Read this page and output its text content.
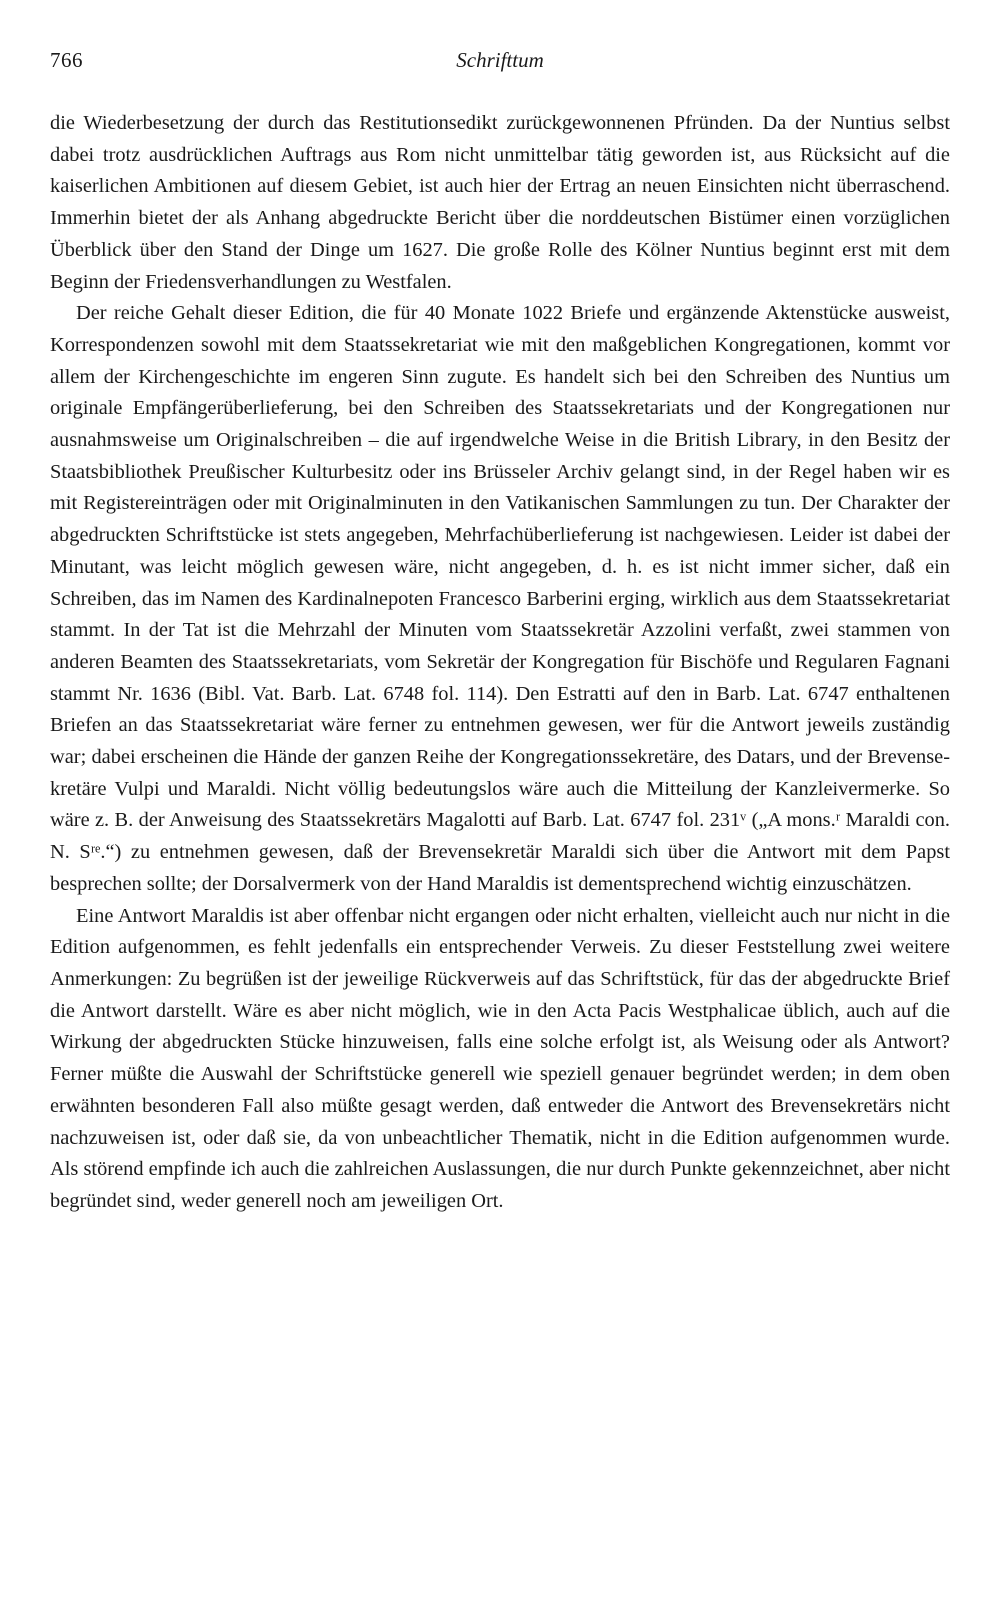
766	Schrifttum

die Wiederbesetzung der durch das Restitutionsedikt zurückgewonnenen Pfründen. Da der Nuntius selbst dabei trotz ausdrücklichen Auftrags aus Rom nicht unmittelbar tätig geworden ist, aus Rücksicht auf die kaiserlichen Ambitionen auf diesem Gebiet, ist auch hier der Ertrag an neuen Einsichten nicht überraschend. Immerhin bietet der als Anhang abgedruckte Bericht über die norddeutschen Bistümer einen vorzüglichen Überblick über den Stand der Dinge um 1627. Die große Rolle des Kölner Nuntius beginnt erst mit dem Beginn der Friedensverhandlungen zu Westfalen.

Der reiche Gehalt dieser Edition, die für 40 Monate 1022 Briefe und ergänzende Aktenstücke ausweist, Korrespondenzen sowohl mit dem Staatssekretariat wie mit den maßgeblichen Kongregationen, kommt vor allem der Kirchengeschichte im engeren Sinn zugute. Es handelt sich bei den Schreiben des Nuntius um originale Empfängerüberlieferung, bei den Schreiben des Staatssekretariats und der Kongregationen nur ausnahmsweise um Originalschreiben – die auf irgendwelche Weise in die British Library, in den Besitz der Staatsbibliothek Preußischer Kulturbesitz oder ins Brüsseler Archiv gelangt sind, in der Regel haben wir es mit Registereinträgen oder mit Originalminuten in den Vatikanischen Sammlungen zu tun. Der Charakter der abgedruckten Schriftstücke ist stets angegeben, Mehrfachüberlieferung ist nachgewiesen. Leider ist dabei der Minutant, was leicht möglich gewesen wäre, nicht angegeben, d. h. es ist nicht immer sicher, daß ein Schreiben, das im Namen des Kardinalnepoten Francesco Barberini erging, wirklich aus dem Staatssekretariat stammt. In der Tat ist die Mehrzahl der Minuten vom Staatssekretär Azzolini verfaßt, zwei stammen von anderen Beamten des Staatssekretariats, vom Sekretär der Kongregation für Bischöfe und Regularen Fagnani stammt Nr. 1636 (Bibl. Vat. Barb. Lat. 6748 fol. 114). Den Estratti auf den in Barb. Lat. 6747 enthaltenen Briefen an das Staatssekretariat wäre ferner zu entnehmen gewesen, wer für die Antwort jeweils zuständig war; dabei erscheinen die Hände der ganzen Reihe der Kongregationssekretäre, des Datars, und der Brevensekretäre Vulpi und Maraldi. Nicht völlig bedeutungslos wäre auch die Mitteilung der Kanzleivermerke. So wäre z. B. der Anweisung des Staatssekretärs Magalotti auf Barb. Lat. 6747 fol. 231ᵛ („A mons.ʳ Maraldi con. N. Sʳᵉ.“) zu entnehmen gewesen, daß der Brevensekretär Maraldi sich über die Antwort mit dem Papst besprechen sollte; der Dorsalvermerk von der Hand Maraldis ist dementsprechend wichtig einzuschätzen.

Eine Antwort Maraldis ist aber offenbar nicht ergangen oder nicht erhalten, vielleicht auch nur nicht in die Edition aufgenommen, es fehlt jedenfalls ein entsprechender Verweis. Zu dieser Feststellung zwei weitere Anmerkungen: Zu begrüßen ist der jeweilige Rückverweis auf das Schriftstück, für das der abgedruckte Brief die Antwort darstellt. Wäre es aber nicht möglich, wie in den Acta Pacis Westphalicae üblich, auch auf die Wirkung der abgedruckten Stücke hinzuweisen, falls eine solche erfolgt ist, als Weisung oder als Antwort? Ferner müßte die Auswahl der Schriftstücke generell wie speziell genauer begründet werden; in dem oben erwähnten besonderen Fall also müßte gesagt werden, daß entweder die Antwort des Brevensekretärs nicht nachzuweisen ist, oder daß sie, da von unbeachtlicher Thematik, nicht in die Edition aufgenommen wurde. Als störend empfinde ich auch die zahlreichen Auslassungen, die nur durch Punkte gekennzeichnet, aber nicht begründet sind, weder generell noch am jeweiligen Ort.
